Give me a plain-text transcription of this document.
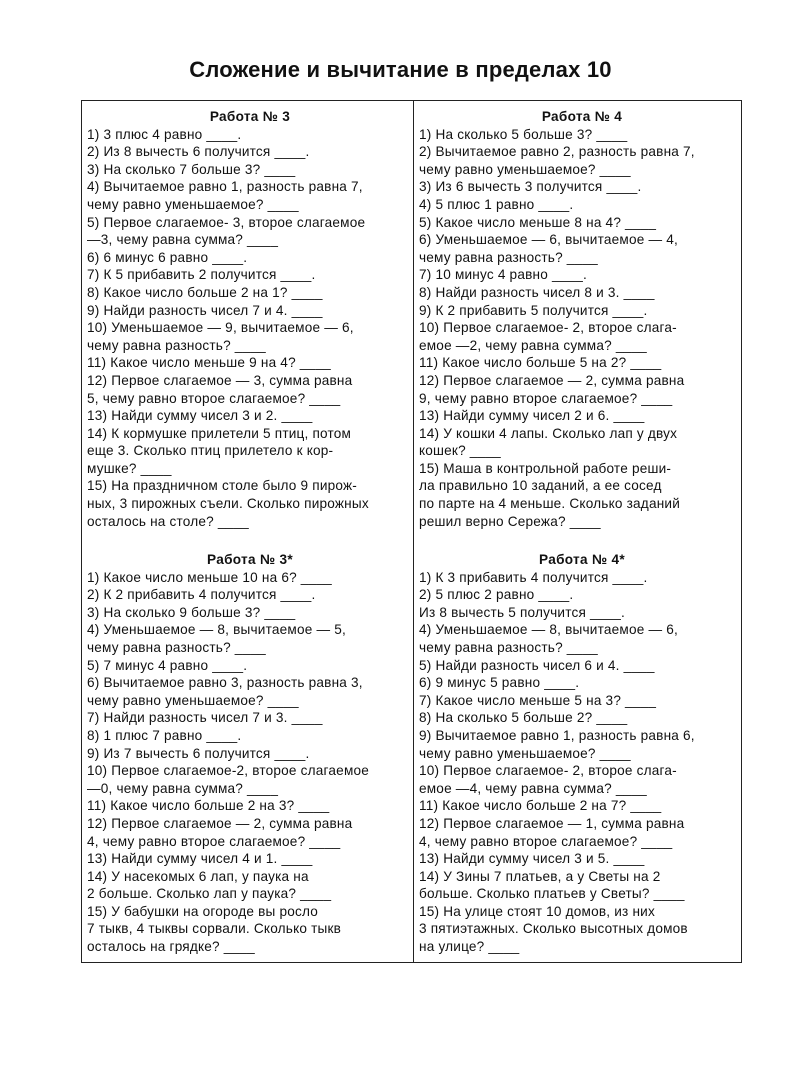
Сложение и вычитание в пределах 10
Работа № 3
1) 3 плюс 4 равно ____.
2) Из 8 вычесть 6 получится ____.
3) На сколько 7 больше 3? ____
4) Вычитаемое равно 1, разность равна 7,
чему равно уменьшаемое? ____
5) Первое слагаемое- 3, второе слагаемое
—3, чему равна сумма? ____
6) 6 минус 6 равно ____.
7) К 5 прибавить 2 получится ____.
8) Какое число больше 2 на 1? ____
9) Найди разность чисел 7 и 4. ____
10) Уменьшаемое — 9, вычитаемое — 6,
чему равна разность? ____
11) Какое число меньше 9 на 4? ____
12) Первое слагаемое — 3, сумма равна
5, чему равно второе слагаемое? ____
13) Найди сумму чисел 3 и 2. ____
14) К кормушке прилетели 5 птиц, потом
еще 3. Сколько птиц прилетело к кор-
мушке? ____
15) На праздничном столе было 9 пирож-
ных, 3 пирожных съели. Сколько пирожных
осталось на столе? ____
Работа № 4
1) На сколько 5 больше 3? ____
2) Вычитаемое равно 2, разность равна 7,
чему равно уменьшаемое? ____
3) Из 6 вычесть 3 получится ____.
4) 5 плюс 1 равно ____.
5) Какое число меньше 8 на 4? ____
6) Уменьшаемое — 6, вычитаемое — 4,
чему равна разность? ____
7) 10 минус 4 равно ____.
8) Найди разность чисел 8 и 3. ____
9) К 2 прибавить 5 получится ____.
10) Первое слагаемое- 2, второе слага-
емое —2, чему равна сумма? ____
11) Какое число больше 5 на 2? ____
12) Первое слагаемое — 2, сумма равна
9, чему равно второе слагаемое? ____
13) Найди сумму чисел 2 и 6. ____
14) У кошки 4 лапы. Сколько лап у двух
кошек? ____
15) Маша в контрольной работе реши-
ла правильно 10 заданий, а ее сосед
по парте на 4 меньше. Сколько заданий
решил верно Сережа? ____
Работа № 3*
1) Какое число меньше 10 на 6? ____
2) К 2 прибавить 4 получится ____.
3) На сколько 9 больше 3? ____
4) Уменьшаемое — 8, вычитаемое — 5,
чему равна разность? ____
5) 7 минус 4 равно ____.
6) Вычитаемое равно 3, разность равна 3,
чему равно уменьшаемое? ____
7) Найди разность чисел 7 и 3. ____
8) 1 плюс 7 равно ____.
9) Из 7 вычесть 6 получится ____.
10) Первое слагаемое-2, второе слагаемое
—0, чему равна сумма? ____
11) Какое число больше 2 на 3? ____
12) Первое слагаемое — 2, сумма равна
4, чему равно второе слагаемое? ____
13) Найди сумму чисел 4 и 1. ____
14) У насекомых 6 лап, у паука на
2 больше. Сколько лап у паука? ____
15) У бабушки на огороде вы росло
7 тыкв, 4 тыквы сорвали. Сколько тыкв
осталось на грядке? ____
Работа № 4*
1) К 3 прибавить 4 получится ____.
2) 5 плюс 2 равно ____.
Из 8 вычесть 5 получится ____.
4) Уменьшаемое — 8, вычитаемое — 6,
чему равна разность? ____
5) Найди разность чисел 6 и 4. ____
6) 9 минус 5 равно ____.
7) Какое число меньше 5 на 3? ____
8) На сколько 5 больше 2? ____
9) Вычитаемое равно 1, разность равна 6,
чему равно уменьшаемое? ____
10) Первое слагаемое- 2, второе слага-
емое —4, чему равна сумма? ____
11) Какое число больше 2 на 7? ____
12) Первое слагаемое — 1, сумма равна
4, чему равно второе слагаемое? ____
13) Найди сумму чисел 3 и 5. ____
14) У Зины 7 платьев, а у Светы на 2
больше. Сколько платьев у Светы? ____
15) На улице стоят 10 домов, из них
3 пятиэтажных. Сколько высотных домов
на улице? ____
